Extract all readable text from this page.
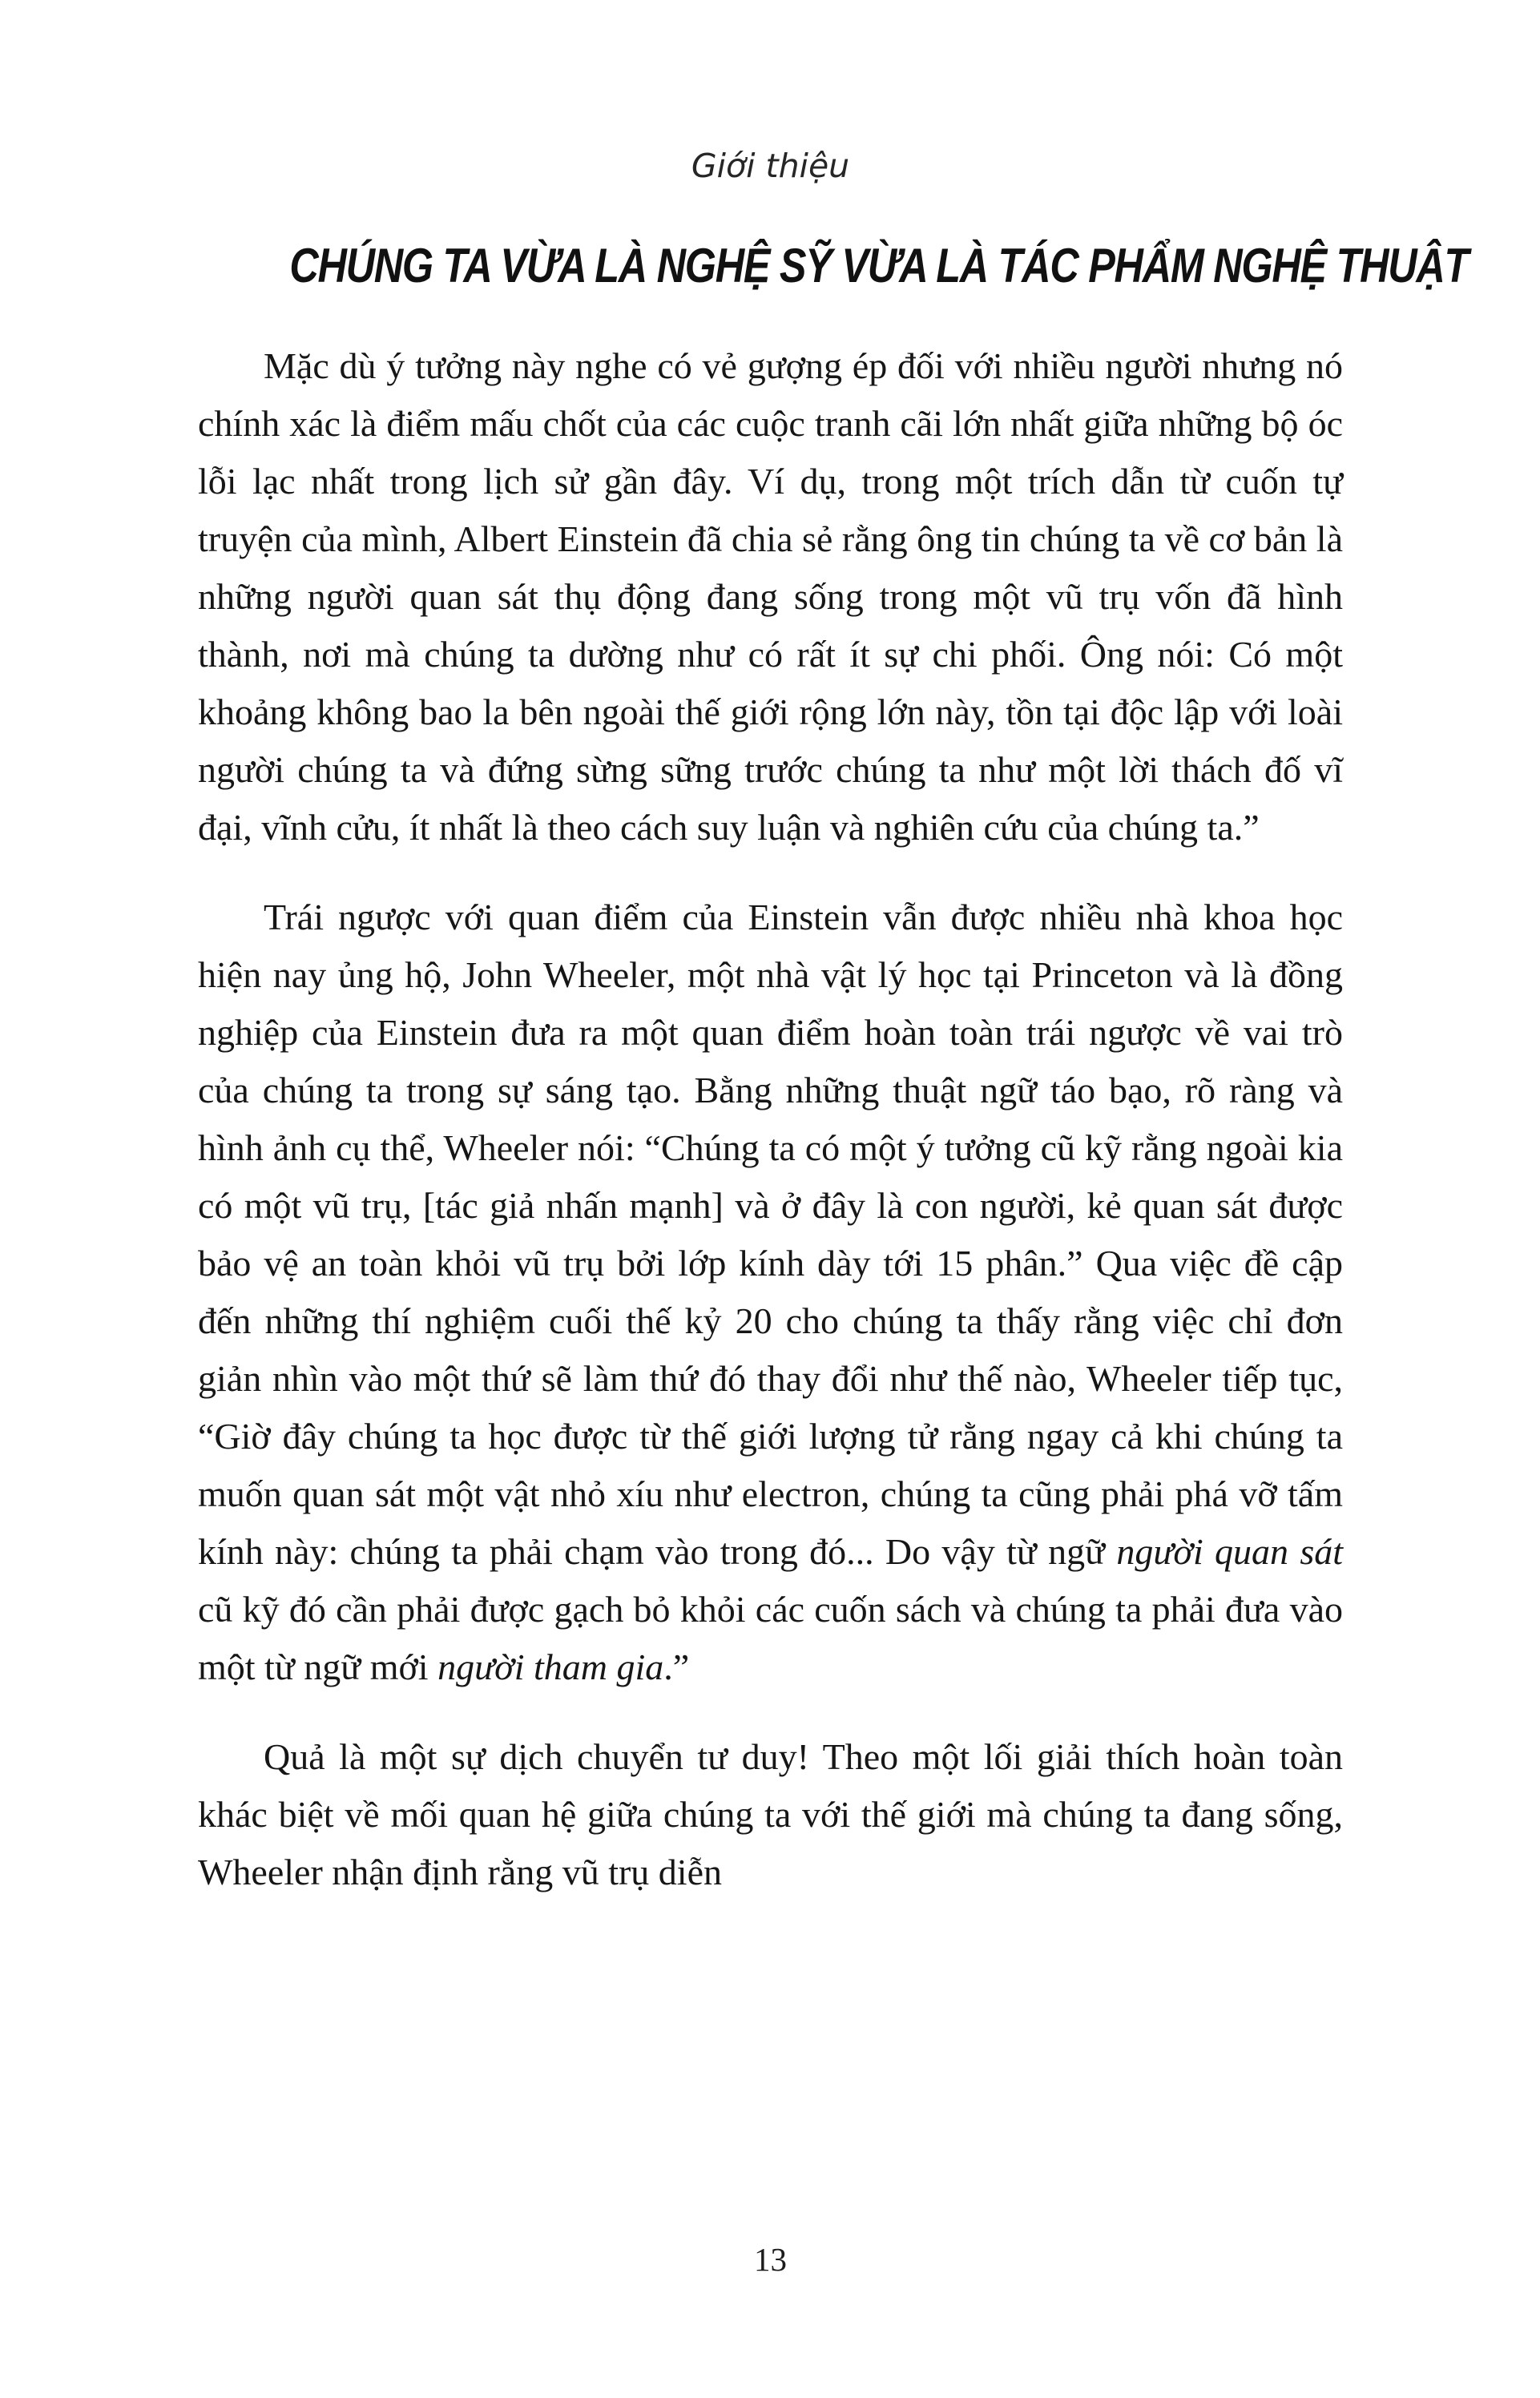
Giới thiệu
CHÚNG TA VỪA LÀ NGHỆ SỸ VỪA LÀ TÁC PHẨM NGHỆ THUẬT

Mặc dù ý tưởng này nghe có vẻ gượng ép đối với nhiều người nhưng nó chính xác là điểm mấu chốt của các cuộc tranh cãi lớn nhất giữa những bộ óc lỗi lạc nhất trong lịch sử gần đây. Ví dụ, trong một trích dẫn từ cuốn tự truyện của mình, Albert Einstein đã chia sẻ rằng ông tin chúng ta về cơ bản là những người quan sát thụ động đang sống trong một vũ trụ vốn đã hình thành, nơi mà chúng ta dường như có rất ít sự chi phối. Ông nói: Có một khoảng không bao la bên ngoài thế giới rộng lớn này, tồn tại độc lập với loài người chúng ta và đứng sừng sững trước chúng ta như một lời thách đố vĩ đại, vĩnh cửu, ít nhất là theo cách suy luận và nghiên cứu của chúng ta.”

Trái ngược với quan điểm của Einstein vẫn được nhiều nhà khoa học hiện nay ủng hộ, John Wheeler, một nhà vật lý học tại Princeton và là đồng nghiệp của Einstein đưa ra một quan điểm hoàn toàn trái ngược về vai trò của chúng ta trong sự sáng tạo. Bằng những thuật ngữ táo bạo, rõ ràng và hình ảnh cụ thể, Wheeler nói: “Chúng ta có một ý tưởng cũ kỹ rằng ngoài kia có một vũ trụ, [tác giả nhấn mạnh] và ở đây là con người, kẻ quan sát được bảo vệ an toàn khỏi vũ trụ bởi lớp kính dày tới 15 phân.” Qua việc đề cập đến những thí nghiệm cuối thế kỷ 20 cho chúng ta thấy rằng việc chỉ đơn giản nhìn vào một thứ sẽ làm thứ đó thay đổi như thế nào, Wheeler tiếp tục, “Giờ đây chúng ta học được từ thế giới lượng tử rằng ngay cả khi chúng ta muốn quan sát một vật nhỏ xíu như electron, chúng ta cũng phải phá vỡ tấm kính này: chúng ta phải chạm vào trong đó... Do vậy từ ngữ người quan sát cũ kỹ đó cần phải được gạch bỏ khỏi các cuốn sách và chúng ta phải đưa vào một từ ngữ mới người tham gia.”

Quả là một sự dịch chuyển tư duy! Theo một lối giải thích hoàn toàn khác biệt về mối quan hệ giữa chúng ta với thế giới mà chúng ta đang sống, Wheeler nhận định rằng vũ trụ diễn

13
